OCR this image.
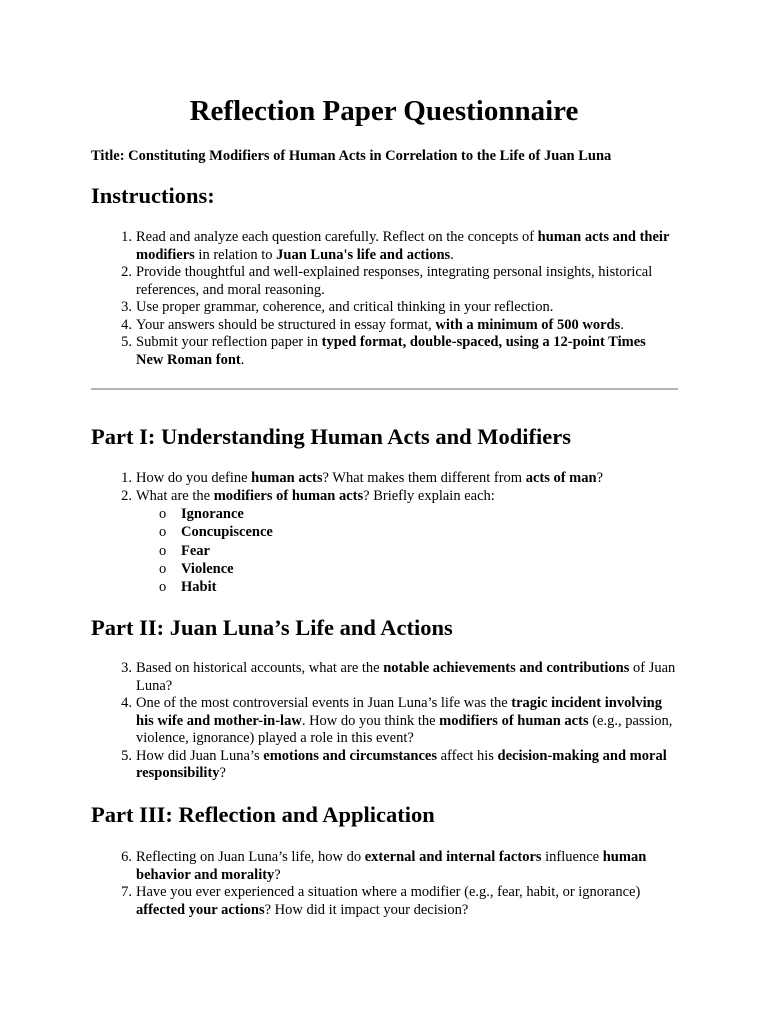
Reflection Paper Questionnaire

Title: Constituting Modifiers of Human Acts in Correlation to the Life of Juan Luna

Instructions:
1. Read and analyze each question carefully. Reflect on the concepts of human acts and their modifiers in relation to Juan Luna's life and actions.
2. Provide thoughtful and well-explained responses, integrating personal insights, historical references, and moral reasoning.
3. Use proper grammar, coherence, and critical thinking in your reflection.
4. Your answers should be structured in essay format, with a minimum of 500 words.
5. Submit your reflection paper in typed format, double-spaced, using a 12-point Times New Roman font.
Part I: Understanding Human Acts and Modifiers
1. How do you define human acts? What makes them different from acts of man?
2. What are the modifiers of human acts? Briefly explain each:
o Ignorance
o Concupiscence
o Fear
o Violence
o Habit
Part II: Juan Luna’s Life and Actions
3. Based on historical accounts, what are the notable achievements and contributions of Juan Luna?
4. One of the most controversial events in Juan Luna’s life was the tragic incident involving his wife and mother-in-law. How do you think the modifiers of human acts (e.g., passion, violence, ignorance) played a role in this event?
5. How did Juan Luna’s emotions and circumstances affect his decision-making and moral responsibility?
Part III: Reflection and Application
6. Reflecting on Juan Luna’s life, how do external and internal factors influence human behavior and morality?
7. Have you ever experienced a situation where a modifier (e.g., fear, habit, or ignorance) affected your actions? How did it impact your decision?
